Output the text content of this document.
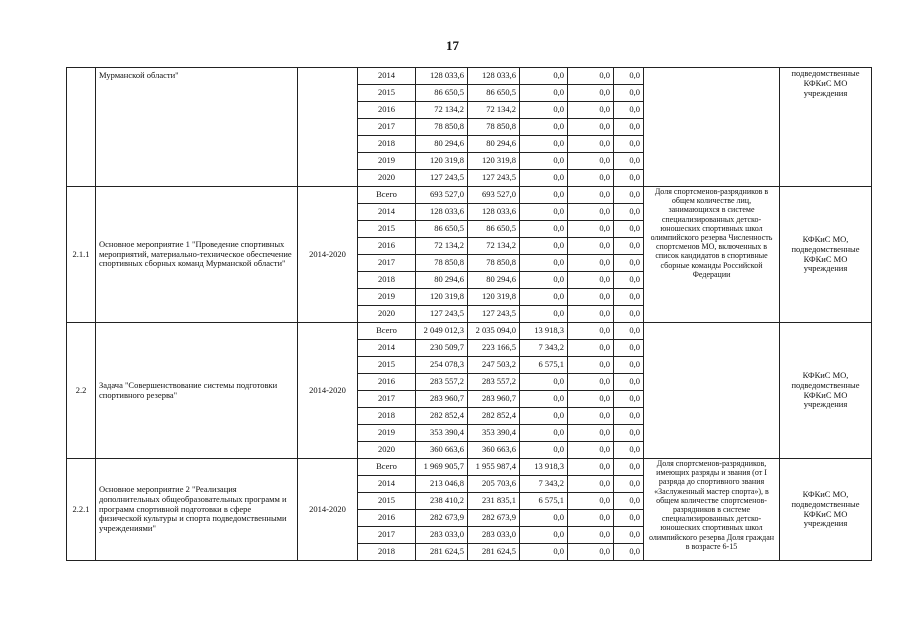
17
	Мурманской области"		2014	128 033,6	128 033,6	0,0	0,0	0,0		подведомственные КФКиС МО учреждения
			2015	86 650,5	86 650,5	0,0	0,0	0,0		
			2016	72 134,2	72 134,2	0,0	0,0	0,0		
			2017	78 850,8	78 850,8	0,0	0,0	0,0		
			2018	80 294,6	80 294,6	0,0	0,0	0,0		
			2019	120 319,8	120 319,8	0,0	0,0	0,0		
			2020	127 243,5	127 243,5	0,0	0,0	0,0		
2.1.1	Основное мероприятие 1 "Проведение спортивных мероприятий, материально-техническое обеспечение спортивных сборных команд Мурманской области"	2014-2020	Всего	693 527,0	693 527,0	0,0	0,0	0,0	Доля спортсменов-разрядников в общем количестве лиц, занимающихся в системе специализированных детско-юношеских спортивных школ олимпийского резерва Численность спортсменов МО, включенных в список кандидатов в спортивные сборные команды Российской Федерации	КФКиС МО, подведомственные КФКиС МО учреждения
			2014	128 033,6	128 033,6	0,0	0,0	0,0		
			2015	86 650,5	86 650,5	0,0	0,0	0,0		
			2016	72 134,2	72 134,2	0,0	0,0	0,0		
			2017	78 850,8	78 850,8	0,0	0,0	0,0		
			2018	80 294,6	80 294,6	0,0	0,0	0,0		
			2019	120 319,8	120 319,8	0,0	0,0	0,0		
			2020	127 243,5	127 243,5	0,0	0,0	0,0		
2.2	Задача "Совершенствование системы подготовки спортивного резерва"	2014-2020	Всего	2 049 012,3	2 035 094,0	13 918,3	0,0	0,0		КФКиС МО, подведомственные КФКиС МО учреждения
			2014	230 509,7	223 166,5	7 343,2	0,0	0,0		
			2015	254 078,3	247 503,2	6 575,1	0,0	0,0		
			2016	283 557,2	283 557,2	0,0	0,0	0,0		
			2017	283 960,7	283 960,7	0,0	0,0	0,0		
			2018	282 852,4	282 852,4	0,0	0,0	0,0		
			2019	353 390,4	353 390,4	0,0	0,0	0,0		
			2020	360 663,6	360 663,6	0,0	0,0	0,0		
2.2.1	Основное мероприятие 2 "Реализация дополнительных общеобразовательных программ и программ спортивной подготовки в сфере физической культуры и спорта подведомственными учреждениями"	2014-2020	Всего	1 969 905,7	1 955 987,4	13 918,3	0,0	0,0	Доля спортсменов-разрядников, имеющих разряды и звания (от I разряда до спортивного звания «Заслуженный мастер спорта»), в общем количестве спортсменов-разрядников в системе специализированных детско-юношеских спортивных школ олимпийского резерва Доля граждан в возрасте 6-15	КФКиС МО, подведомственные КФКиС МО учреждения
			2014	213 046,8	205 703,6	7 343,2	0,0	0,0		
			2015	238 410,2	231 835,1	6 575,1	0,0	0,0		
			2016	282 673,9	282 673,9	0,0	0,0	0,0		
			2017	283 033,0	283 033,0	0,0	0,0	0,0		
			2018	281 624,5	281 624,5	0,0	0,0	0,0		
